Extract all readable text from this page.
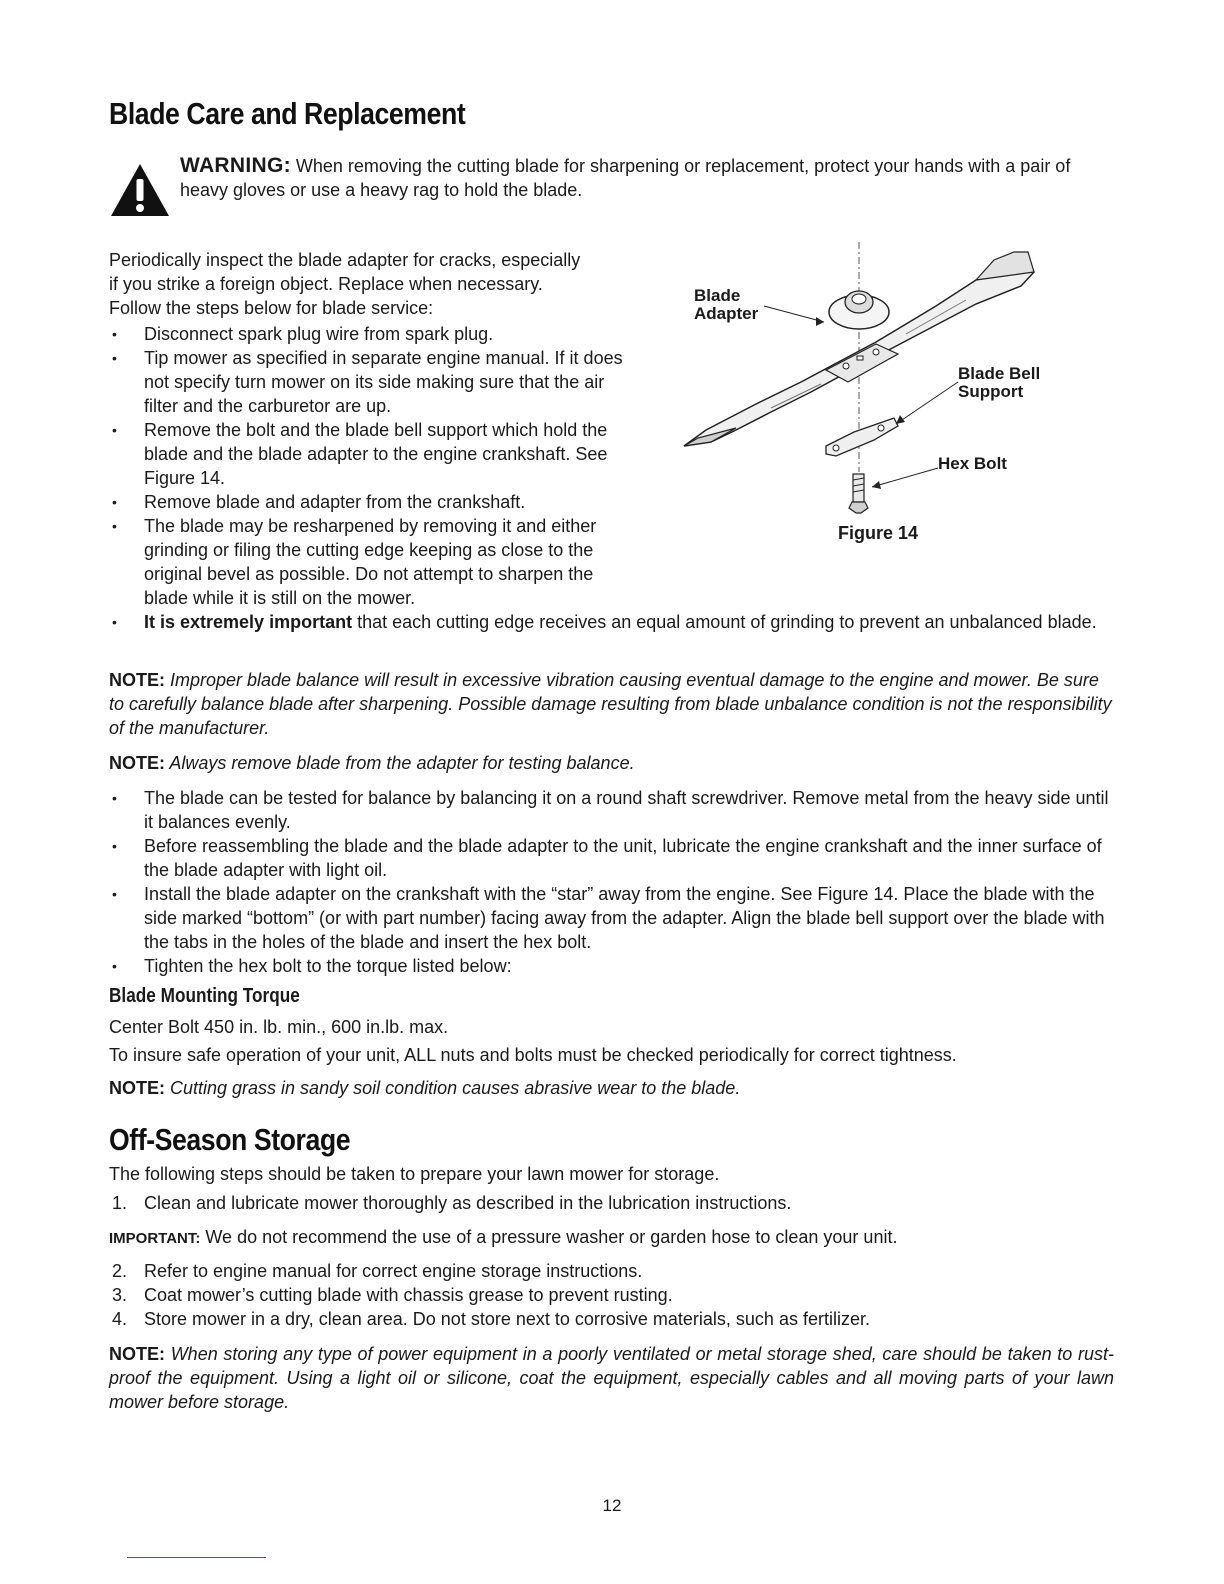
Blade Care and Replacement
WARNING: When removing the cutting blade for sharpening or replacement, protect your hands with a pair of heavy gloves or use a heavy rag to hold the blade.

Periodically inspect the blade adapter for cracks, especially if you strike a foreign object. Replace when necessary. Follow the steps below for blade service:

• Disconnect spark plug wire from spark plug.
• Tip mower as specified in separate engine manual. If it does not specify turn mower on its side making sure that the air filter and the carburetor are up.
• Remove the bolt and the blade bell support which hold the blade and the blade adapter to the engine crankshaft. See Figure 14.
• Remove blade and adapter from the crankshaft.
• The blade may be resharpened by removing it and either grinding or filing the cutting edge keeping as close to the original bevel as possible. Do not attempt to sharpen the blade while it is still on the mower.
• It is extremely important that each cutting edge receives an equal amount of grinding to prevent an unbalanced blade.
Blade
Adapter
Blade Bell
Support
Hex Bolt
Figure 14

NOTE: Improper blade balance will result in excessive vibration causing eventual damage to the engine and mower. Be sure to carefully balance blade after sharpening. Possible damage resulting from blade unbalance condition is not the responsibility of the manufacturer.

NOTE: Always remove blade from the adapter for testing balance.

• The blade can be tested for balance by balancing it on a round shaft screwdriver. Remove metal from the heavy side until it balances evenly.
• Before reassembling the blade and the blade adapter to the unit, lubricate the engine crankshaft and the inner surface of the blade adapter with light oil.
• Install the blade adapter on the crankshaft with the “star” away from the engine. See Figure 14. Place the blade with the side marked “bottom” (or with part number) facing away from the adapter. Align the blade bell support over the blade with the tabs in the holes of the blade and insert the hex bolt.
• Tighten the hex bolt to the torque listed below:
Blade Mounting Torque

Center Bolt 450 in. lb. min., 600 in.lb. max.

To insure safe operation of your unit, ALL nuts and bolts must be checked periodically for correct tightness.

NOTE: Cutting grass in sandy soil condition causes abrasive wear to the blade.

Off-Season Storage

The following steps should be taken to prepare your lawn mower for storage.

1. Clean and lubricate mower thoroughly as described in the lubrication instructions.

IMPORTANT: We do not recommend the use of a pressure washer or garden hose to clean your unit.

2. Refer to engine manual for correct engine storage instructions.
3. Coat mower’s cutting blade with chassis grease to prevent rusting.
4. Store mower in a dry, clean area. Do not store next to corrosive materials, such as fertilizer.

NOTE: When storing any type of power equipment in a poorly ventilated or metal storage shed, care should be taken to rust-proof the equipment. Using a light oil or silicone, coat the equipment, especially cables and all moving parts of your lawn mower before storage.

12
